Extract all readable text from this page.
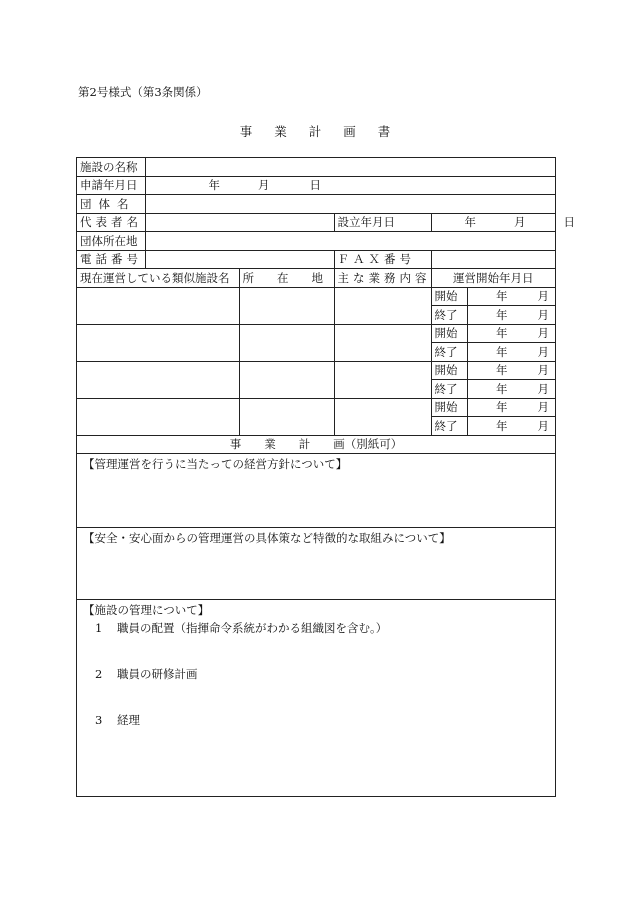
第2号様式（第3条関係）
事業計画書
施設の名称					
申請年月日	年 月 日				
団体名					
代表者名			設立年月日	年 月 日	
団体所在地					
電話番号			ＦＡＸ番号		
現在運営している類似施設名		所　　在　　地	主な業務内容	運営開始年月日	
				開始	年 月
				終了	年 月
				開始	年 月
				終了	年 月
				開始	年 月
				終了	年 月
				開始	年 月
				終了	年 月
事　　業　　計　　画（別紙可）					
【管理運営を行うに当たっての経営方針について】
【安全・安心面からの管理運営の具体策など特徴的な取組みについて】
【施設の管理について】
1 職員の配置（指揮命令系統がわかる組織図を含む。）
2 職員の研修計画
3 経理
